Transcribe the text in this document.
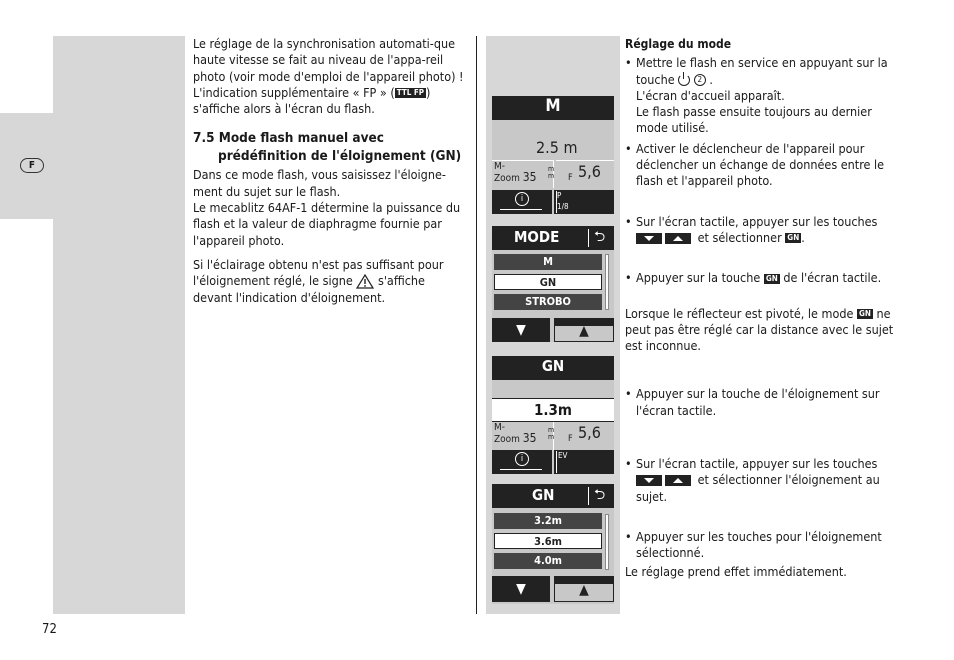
F

Le réglage de la synchronisation automati-que haute vitesse se fait au niveau de l'appa-reil photo (voir mode d'emploi de l'appareil photo) ! L'indication supplémentaire « FP » ( TTL FP ) s'affiche alors à l'écran du flash.

7.5 Mode flash manuel avec
prédéfinition de l'éloignement (GN)

Dans ce mode flash, vous saisissez l'éloigne-ment du sujet sur le flash.

Le mecablitz 64AF-1 détermine la puissance du flash et la valeur de diaphragme fournie par l'appareil photo.

Si l'éclairage obtenu n'est pas suffisant pour l'éloignement réglé, le signe s'affiche devant l'indication d'éloignement.

M
2.5 m
M-
Zoom 35
m
m F 5,6
i	P
1/8
MODE ⮌
M
GN
STROBO
▼	▲
GN
1.3m
M-
Zoom 35
m
m F 5,6
i	EV
GN	⮌
3.2m
3.6m
4.0m
▼	▲
Réglage du mode
• Mettre le flash en service en appuyant sur la touche	2 .
L'écran d'accueil apparaît.
Le flash passe ensuite toujours au dernier mode utilisé.
• Activer le déclencheur de l'appareil pour déclencher un échange de données entre le flash et l'appareil photo.
• Sur l'écran tactile, appuyer sur les touches
et sélectionner GN .
• Appuyer sur la touche GN de l'écran tactile.

Lorsque le réflecteur est pivoté, le mode GN ne peut pas être réglé car la distance avec le sujet est inconnue.

• Appuyer sur la touche de l'éloignement sur l'écran tactile.
• Sur l'écran tactile, appuyer sur les touches
et sélectionner l'éloignement au sujet.
• Appuyer sur les touches pour l'éloignement sélectionné.
Le réglage prend effet immédiatement.
72
